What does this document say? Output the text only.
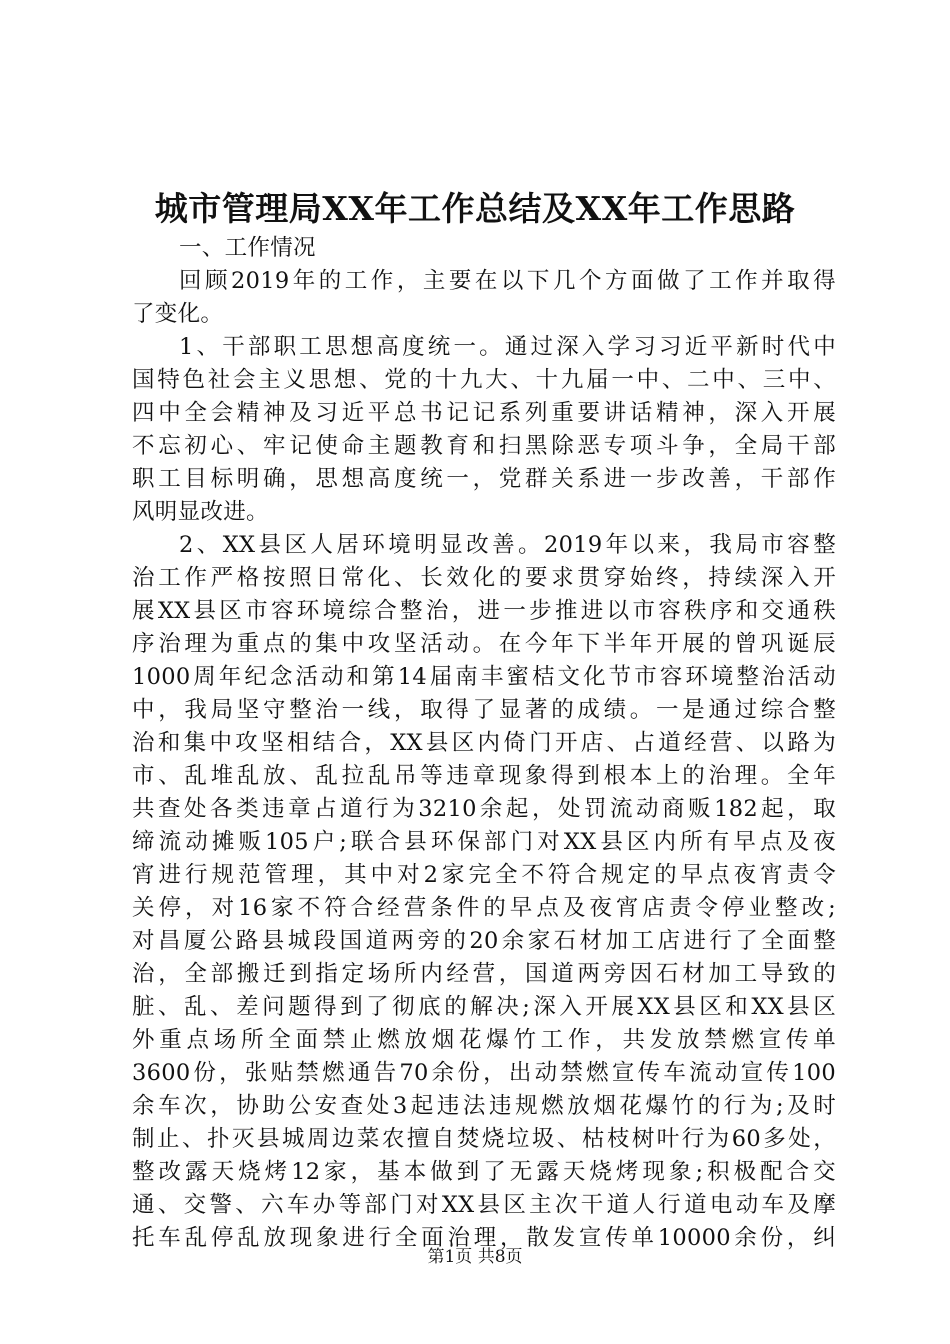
城市管理局XX年工作总结及XX年工作思路
一、工作情况
回顾2019年的工作，主要在以下几个方面做了工作并取得
了变化。
1、干部职工思想高度统一。通过深入学习习近平新时代中
国特色社会主义思想、党的十九大、十九届一中、二中、三中、
四中全会精神及习近平总书记记系列重要讲话精神，深入开展
不忘初心、牢记使命主题教育和扫黑除恶专项斗争，全局干部
职工目标明确，思想高度统一，党群关系进一步改善，干部作
风明显改进。
2、XX县区人居环境明显改善。2019年以来，我局市容整
治工作严格按照日常化、长效化的要求贯穿始终，持续深入开
展XX县区市容环境综合整治，进一步推进以市容秩序和交通秩
序治理为重点的集中攻坚活动。在今年下半年开展的曾巩诞辰
1000周年纪念活动和第14届南丰蜜桔文化节市容环境整治活动
中，我局坚守整治一线，取得了显著的成绩。一是通过综合整
治和集中攻坚相结合，XX县区内倚门开店、占道经营、以路为
市、乱堆乱放、乱拉乱吊等违章现象得到根本上的治理。全年
共查处各类违章占道行为3210余起，处罚流动商贩182起，取
缔流动摊贩105户;联合县环保部门对XX县区内所有早点及夜
宵进行规范管理，其中对2家完全不符合规定的早点夜宵责令
关停，对16家不符合经营条件的早点及夜宵店责令停业整改;
对昌厦公路县城段国道两旁的20余家石材加工店进行了全面整
治，全部搬迁到指定场所内经营，国道两旁因石材加工导致的
脏、乱、差问题得到了彻底的解决;深入开展XX县区和XX县区
外重点场所全面禁止燃放烟花爆竹工作，共发放禁燃宣传单
3600份，张贴禁燃通告70余份，出动禁燃宣传车流动宣传100
余车次，协助公安查处3起违法违规燃放烟花爆竹的行为;及时
制止、扑灭县城周边菜农擅自焚烧垃圾、枯枝树叶行为60多处，
整改露天烧烤12家，基本做到了无露天烧烤现象;积极配合交
通、交警、六车办等部门对XX县区主次干道人行道电动车及摩
托车乱停乱放现象进行全面治理，散发宣传单10000余份，纠
第1页 共8页
